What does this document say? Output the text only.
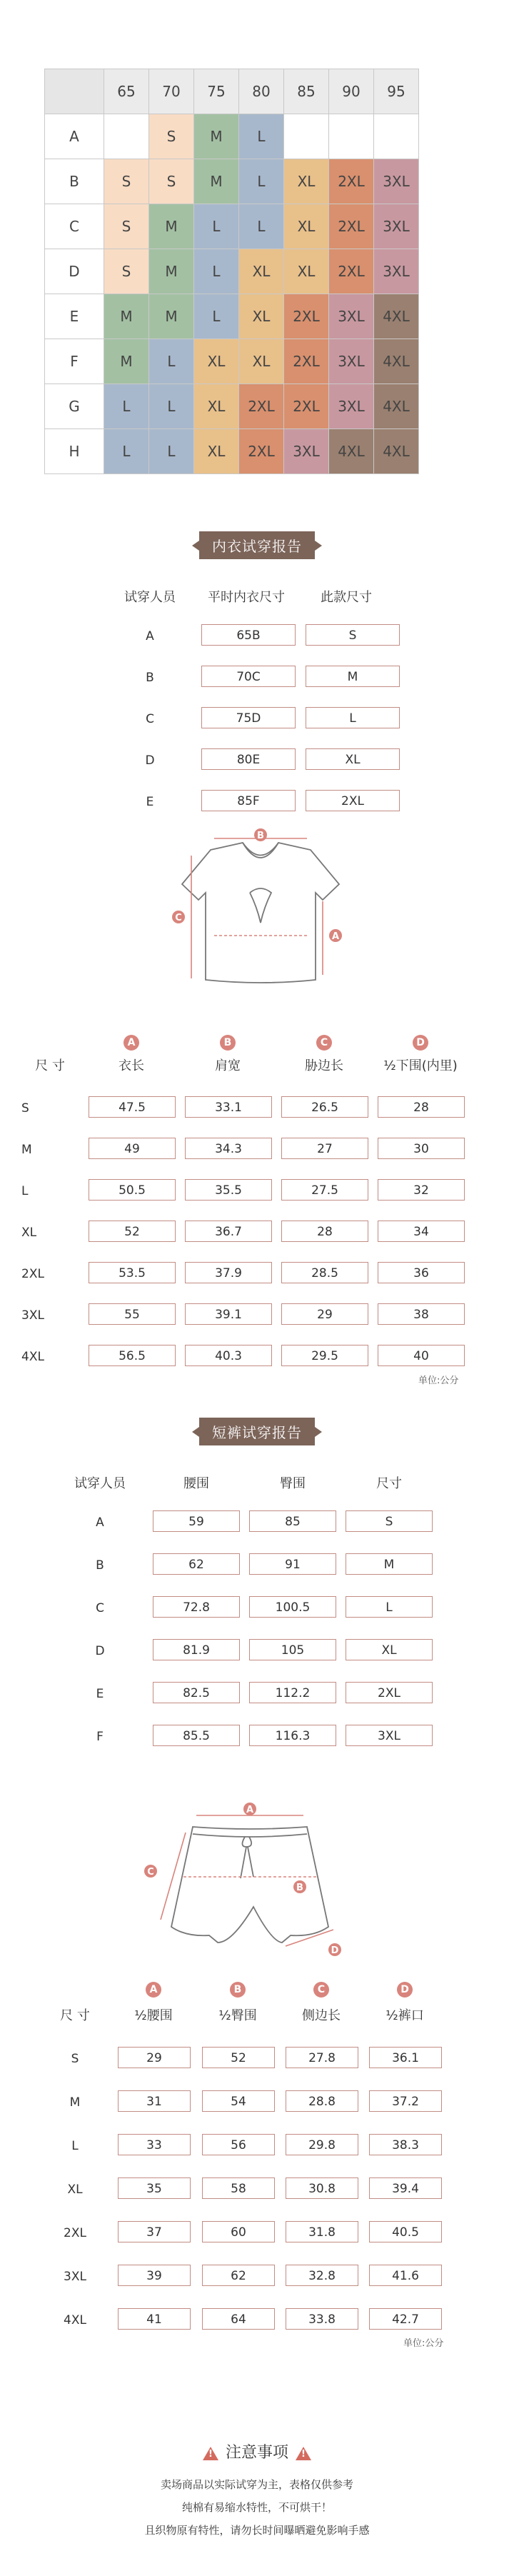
	65	70	75	80	85	90	95
A		S	M	L			
B	S	S	M	L	XL	2XL	3XL
C	S	M	L	L	XL	2XL	3XL
D	S	M	L	XL	XL	2XL	3XL
E	M	M	L	XL	2XL	3XL	4XL
F	M	L	XL	XL	2XL	3XL	4XL
G	L	L	XL	2XL	2XL	3XL	4XL
H	L	L	XL	2XL	3XL	4XL	4XL
内衣试穿报告
试穿人员	平时内衣尺寸	此款尺寸
A	65B	S
B	70C	M
C	75D	L
D	80E	XL
E	85F	2XL
B
C
A
A	B	C	D
尺 寸	衣长	肩宽	胁边长	½下围(内里)
S	47.5	33.1	26.5	28
M	49	34.3	27	30
L	50.5	35.5	27.5	32
XL	52	36.7	28	34
2XL	53.5	37.9	28.5	36
3XL	55	39.1	29	38
4XL	56.5	40.3	29.5	40
单位:公分
短裤试穿报告
试穿人员	腰围	臀围	尺寸
A	59	85	S
B	62	91	M
C	72.8	100.5	L
D	81.9	105	XL
E	82.5	112.2	2XL
F	85.5	116.3	3XL
A
B
C
D
A	B	C	D
尺 寸	½腰围	½臀围	侧边长	½裤口
S	29	52	27.8	36.1
M	31	54	28.8	37.2
L	33	56	29.8	38.3
XL	35	58	30.8	39.4
2XL	37	60	31.8	40.5
3XL	39	62	32.8	41.6
4XL	41	64	33.8	42.7
单位:公分
! 注意事项 !
卖场商品以实际试穿为主，表格仅供参考
纯棉有易缩水特性，不可烘干！
且织物原有特性，请勿长时间曝晒避免影响手感
